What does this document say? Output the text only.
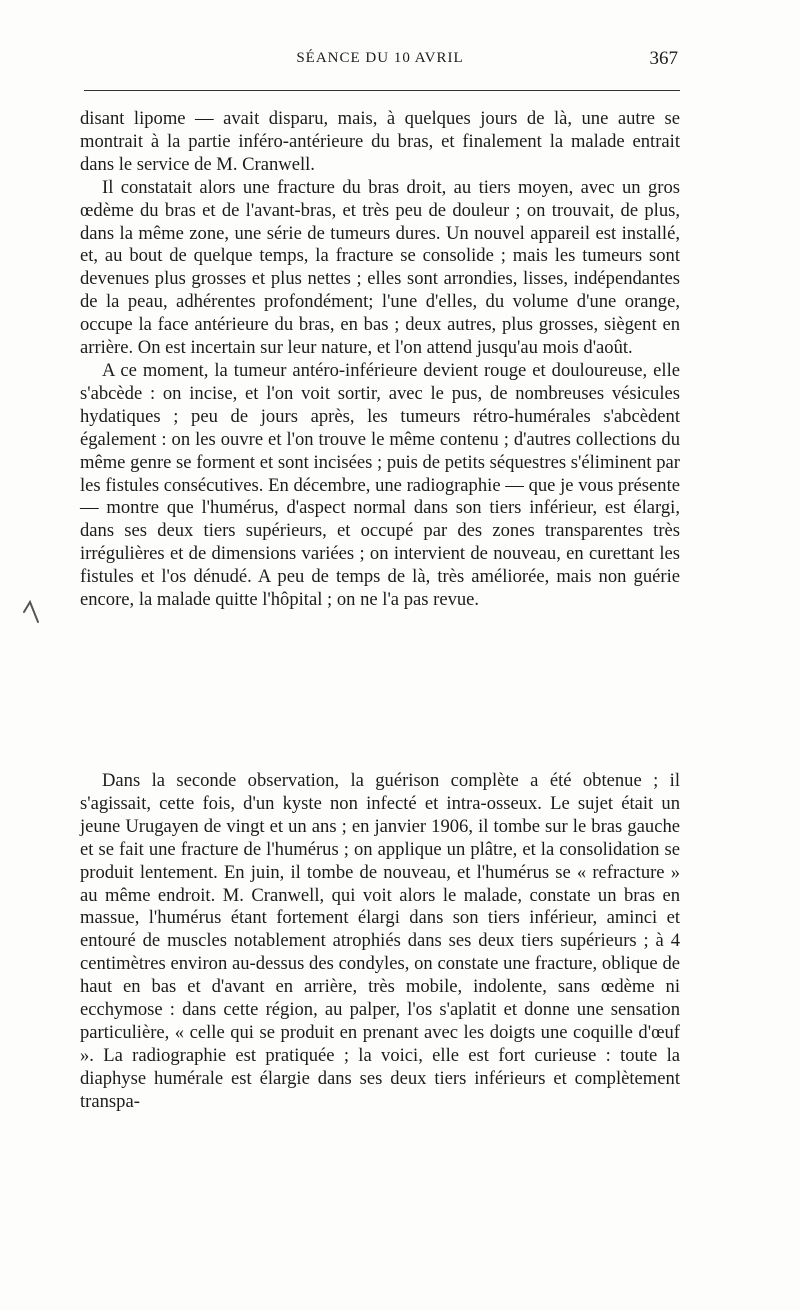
SÉANCE DU 10 AVRIL	367

disant lipome — avait disparu, mais, à quelques jours de là, une autre se montrait à la partie inféro-antérieure du bras, et finalement la malade entrait dans le service de M. Cranwell.

Il constatait alors une fracture du bras droit, au tiers moyen, avec un gros œdème du bras et de l'avant-bras, et très peu de douleur ; on trouvait, de plus, dans la même zone, une série de tumeurs dures. Un nouvel appareil est installé, et, au bout de quelque temps, la fracture se consolide ; mais les tumeurs sont devenues plus grosses et plus nettes ; elles sont arrondies, lisses, indépendantes de la peau, adhérentes profondément; l'une d'elles, du volume d'une orange, occupe la face antérieure du bras, en bas ; deux autres, plus grosses, siègent en arrière. On est incertain sur leur nature, et l'on attend jusqu'au mois d'août.

A ce moment, la tumeur antéro-inférieure devient rouge et douloureuse, elle s'abcède : on incise, et l'on voit sortir, avec le pus, de nombreuses vésicules hydatiques ; peu de jours après, les tumeurs rétro-humérales s'abcèdent également : on les ouvre et l'on trouve le même contenu ; d'autres collections du même genre se forment et sont incisées ; puis de petits séquestres s'éliminent par les fistules consécutives. En décembre, une radiographie — que je vous présente — montre que l'humérus, d'aspect normal dans son tiers inférieur, est élargi, dans ses deux tiers supérieurs, et occupé par des zones transparentes très irrégulières et de dimensions variées ; on intervient de nouveau, en curettant les fistules et l'os dénudé. A peu de temps de là, très améliorée, mais non guérie encore, la malade quitte l'hôpital ; on ne l'a pas revue.

Dans la seconde observation, la guérison complète a été obtenue ; il s'agissait, cette fois, d'un kyste non infecté et intra-osseux. Le sujet était un jeune Urugayen de vingt et un ans ; en janvier 1906, il tombe sur le bras gauche et se fait une fracture de l'humérus ; on applique un plâtre, et la consolidation se produit lentement. En juin, il tombe de nouveau, et l'humérus se « refracture » au même endroit. M. Cranwell, qui voit alors le malade, constate un bras en massue, l'humérus étant fortement élargi dans son tiers inférieur, aminci et entouré de muscles notablement atrophiés dans ses deux tiers supérieurs ; à 4 centimètres environ au-dessus des condyles, on constate une fracture, oblique de haut en bas et d'avant en arrière, très mobile, indolente, sans œdème ni ecchymose : dans cette région, au palper, l'os s'aplatit et donne une sensation particulière, « celle qui se produit en prenant avec les doigts une coquille d'œuf ». La radiographie est pratiquée ; la voici, elle est fort curieuse : toute la diaphyse humérale est élargie dans ses deux tiers inférieurs et complètement transpa-
